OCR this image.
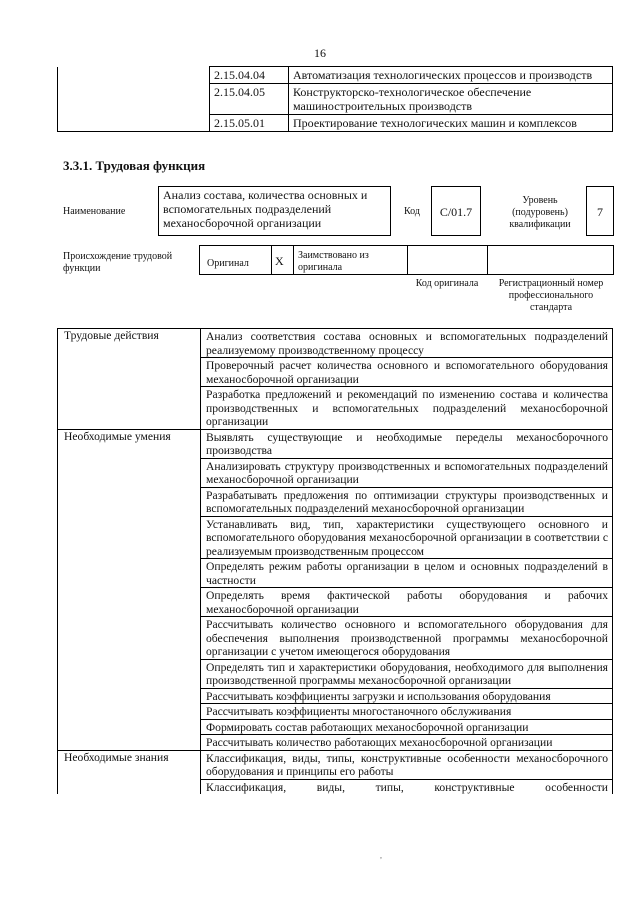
16
	2.15.04.04	Автоматизация технологических процессов и производств
	2.15.04.05	Конструкторско-технологическое обеспечение машиностроительных производств
	2.15.05.01	Проектирование технологических машин и комплексов
3.3.1. Трудовая функция
Наименование
Анализ состава, количества основных и вспомогательных подразделений механосборочной организации
Код	C/01.7
Уровень (подуровень) квалификации
7
Происхождение трудовой функции	Оригинал X Заимствовано из оригинала
Код оригинала	Регистрационный номер профессионального стандарта
Трудовые действия	Анализ соответствия состава основных и вспомогательных подразделений реализуемому производственному процессу
	Проверочный расчет количества основного и вспомогательного оборудования механосборочной организации
	Разработка предложений и рекомендаций по изменению состава и количества производственных и вспомогательных подразделений механосборочной организации
Необходимые умения	Выявлять существующие и необходимые переделы механосборочного производства
	Анализировать структуру производственных и вспомогательных подразделений механосборочной организации
	Разрабатывать предложения по оптимизации структуры производственных и вспомогательных подразделений механосборочной организации
	Устанавливать вид, тип, характеристики существующего основного и вспомогательного оборудования механосборочной организации в соответствии с реализуемым производственным процессом
	Определять режим работы организации в целом и основных подразделений в частности
	Определять время фактической работы оборудования и рабочих механосборочной организации
	Рассчитывать количество основного и вспомогательного оборудования для обеспечения выполнения производственной программы механосборочной организации с учетом имеющегося оборудования
	Определять тип и характеристики оборудования, необходимого для выполнения производственной программы механосборочной организации
	Рассчитывать коэффициенты загрузки и использования оборудования
	Рассчитывать коэффициенты многостаночного обслуживания
	Формировать состав работающих механосборочной организации
	Рассчитывать количество работающих механосборочной организации
Необходимые знания	Классификация, виды, типы, конструктивные особенности механосборочного оборудования и принципы его работы
	Классификация, виды, типы, конструктивные особенности
,
